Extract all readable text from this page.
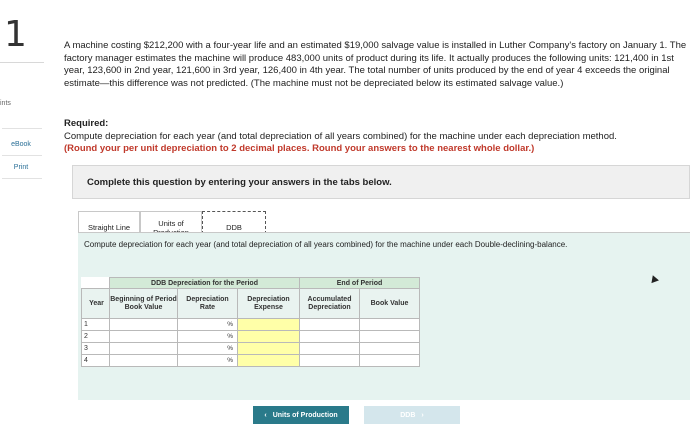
1
ints
eBook
Print
A machine costing $212,200 with a four-year life and an estimated $19,000 salvage value is installed in Luther Company's factory on January 1. The factory manager estimates the machine will produce 483,000 units of product during its life. It actually produces the following units: 121,400 in 1st year, 123,600 in 2nd year, 121,600 in 3rd year, 126,400 in 4th year. The total number of units produced by the end of year 4 exceeds the original estimate—this difference was not predicted. (The machine must not be depreciated below its estimated salvage value.)
Required:
Compute depreciation for each year (and total depreciation of all years combined) for the machine under each depreciation method.
(Round your per unit depreciation to 2 decimal places. Round your answers to the nearest whole dollar.)
Complete this question by entering your answers in the tabs below.
Straight Line	Units of	DDB
Compute depreciation for each year (and total depreciation of all years combined) for the machine under each Double-declining-balance.
	DDB Depreciation for the Period			End of Period	
Year	Beginning of Period Book Value	Depreciation Rate	Depreciation Expense	Accumulated Depreciation	Book Value
1		%	

2		%	

3		%	

4		%	

‹ Units of Production	DDB ›
